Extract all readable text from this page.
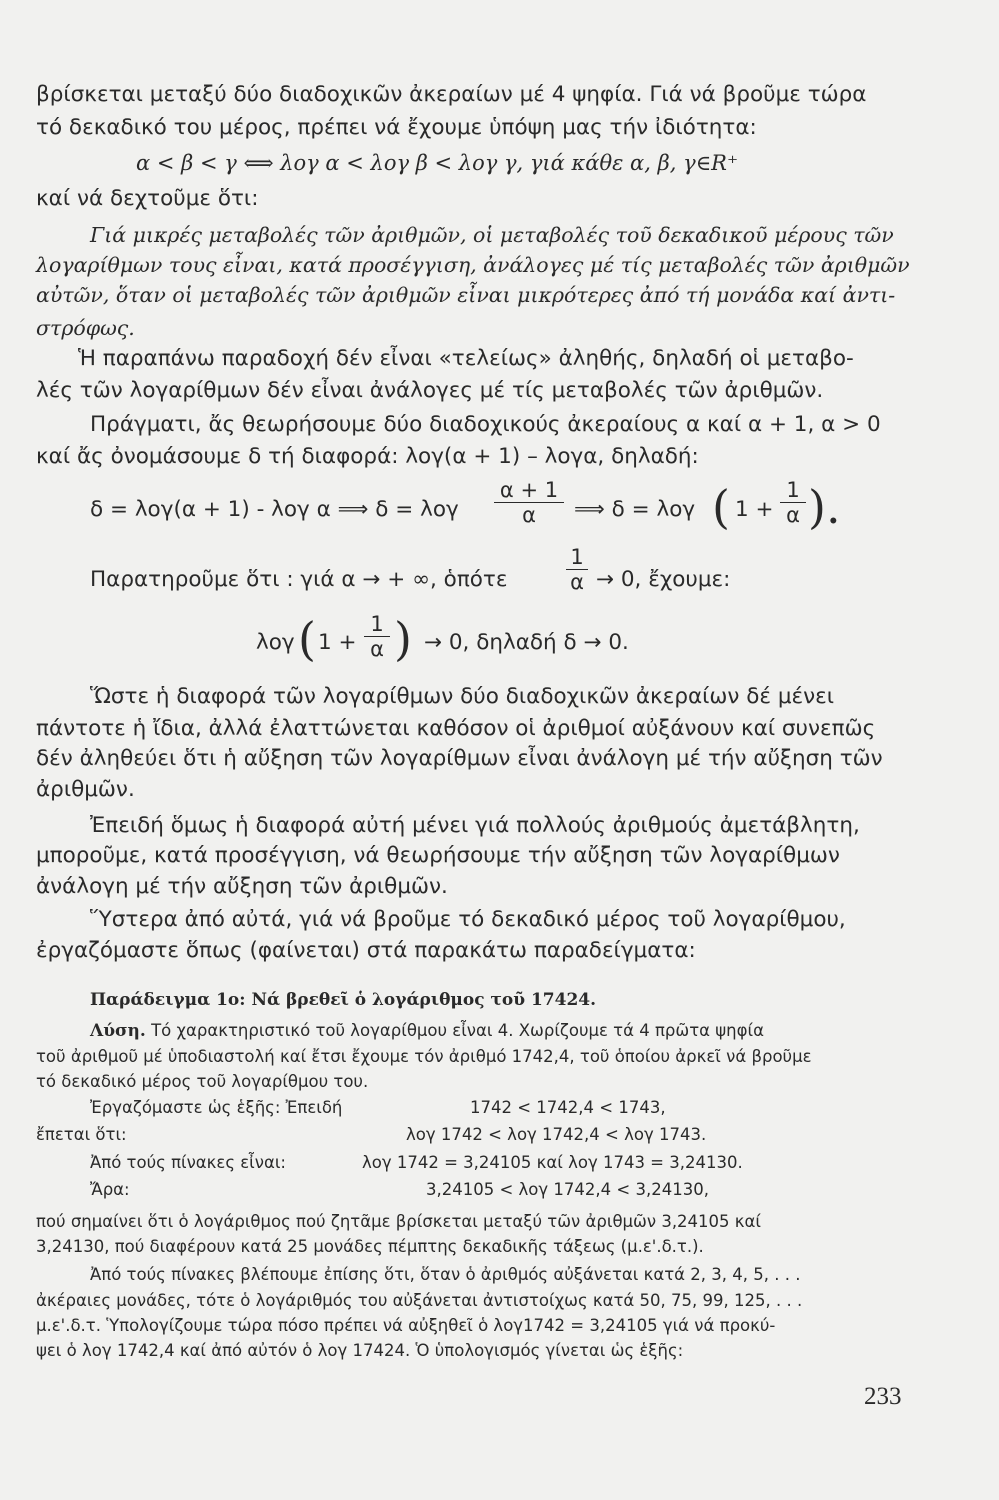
βρίσκεται μεταξύ δύο διαδοχικῶν ἀκεραίων μέ 4 ψηφία. Γιά νά βροῦμε τώρα
τό δεκαδικό του μέρος, πρέπει νά ἔχουμε ὑπόψη μας τήν ἰδιότητα:
α < β < γ ⟺ λογ α < λογ β < λογ γ, γιά κάθε α, β, γ∈R⁺
καί νά δεχτοῦμε ὅτι:
Γιά μικρές μεταβολές τῶν ἀριθμῶν, οἱ μεταβολές τοῦ δεκαδικοῦ μέρους τῶν
λογαρίθμων τους εἶναι, κατά προσέγγιση, ἀνάλογες μέ τίς μεταβολές τῶν ἀριθμῶν
αὐτῶν, ὅταν οἱ μεταβολές τῶν ἀριθμῶν εἶναι μικρότερες ἀπό τή μονάδα καί ἀντι-
στρόφως.
Ἡ παραπάνω παραδοχή δέν εἶναι «τελείως» ἀληθής, δηλαδή οἱ μεταβο-
λές τῶν λογαρίθμων δέν εἶναι ἀνάλογες μέ τίς μεταβολές τῶν ἀριθμῶν.
Πράγματι, ἄς θεωρήσουμε δύο διαδοχικούς ἀκεραίους α καί α + 1, α > 0
καί ἄς ὀνομάσουμε δ τή διαφορά: λογ(α + 1) – λογα, δηλαδή:
δ = λογ(α + 1) - λογ α ⟹ δ = λογ
α + 1
α	⟹ δ = λογ ( 1 +
1
α ).
Παρατηροῦμε ὅτι : γιά α → + ∞, ὁπότε
1
α → 0, ἔχουμε:
λογ ( 1 +
1
α ) → 0, δηλαδή δ → 0.
Ὥστε ἡ διαφορά τῶν λογαρίθμων δύο διαδοχικῶν ἀκεραίων δέ μένει
πάντοτε ἡ ἴδια, ἀλλά ἐλαττώνεται καθόσον οἱ ἀριθμοί αὐξάνουν καί συνεπῶς
δέν ἀληθεύει ὅτι ἡ αὔξηση τῶν λογαρίθμων εἶναι ἀνάλογη μέ τήν αὔξηση τῶν
ἀριθμῶν.
Ἐπειδή ὅμως ἡ διαφορά αὐτή μένει γιά πολλούς ἀριθμούς ἀμετάβλητη,
μποροῦμε, κατά προσέγγιση, νά θεωρήσουμε τήν αὔξηση τῶν λογαρίθμων
ἀνάλογη μέ τήν αὔξηση τῶν ἀριθμῶν.
Ὕστερα ἀπό αὐτά, γιά νά βροῦμε τό δεκαδικό μέρος τοῦ λογαρίθμου,
ἐργαζόμαστε ὅπως (φαίνεται) στά παρακάτω παραδείγματα:
Παράδειγμα 1ο: Νά βρεθεῖ ὁ λογάριθμος τοῦ 17424.
Λύση. Τό χαρακτηριστικό τοῦ λογαρίθμου εἶναι 4. Χωρίζουμε τά 4 πρῶτα ψηφία
τοῦ ἀριθμοῦ μέ ὑποδιαστολή καί ἔτσι ἔχουμε τόν ἀριθμό 1742,4, τοῦ ὁποίου ἀρκεῖ νά βροῦμε
τό δεκαδικό μέρος τοῦ λογαρίθμου του.
Ἐργαζόμαστε ὡς ἑξῆς: Ἐπειδή	1742 < 1742,4 < 1743,
ἔπεται ὅτι:	λογ 1742 < λογ 1742,4 < λογ 1743.
Ἀπό τούς πίνακες εἶναι:	λογ 1742 = 3,24105 καί λογ 1743 = 3,24130.
Ἄρα:	3,24105 < λογ 1742,4 < 3,24130,
πού σημαίνει ὅτι ὁ λογάριθμος πού ζητᾶμε βρίσκεται μεταξύ τῶν ἀριθμῶν 3,24105 καί
3,24130, πού διαφέρουν κατά 25 μονάδες πέμπτης δεκαδικῆς τάξεως (μ.ε'.δ.τ.).
Ἀπό τούς πίνακες βλέπουμε ἐπίσης ὅτι, ὅταν ὁ ἀριθμός αὐξάνεται κατά 2, 3, 4, 5, . . .
ἀκέραιες μονάδες, τότε ὁ λογάριθμός του αὐξάνεται ἀντιστοίχως κατά 50, 75, 99, 125, . . .
μ.ε'.δ.τ. Ὑπολογίζουμε τώρα πόσο πρέπει νά αὐξηθεῖ ὁ λογ1742 = 3,24105 γιά νά προκύ-
ψει ὁ λογ 1742,4 καί ἀπό αὐτόν ὁ λογ 17424. Ὁ ὑπολογισμός γίνεται ὡς ἑξῆς:
233
